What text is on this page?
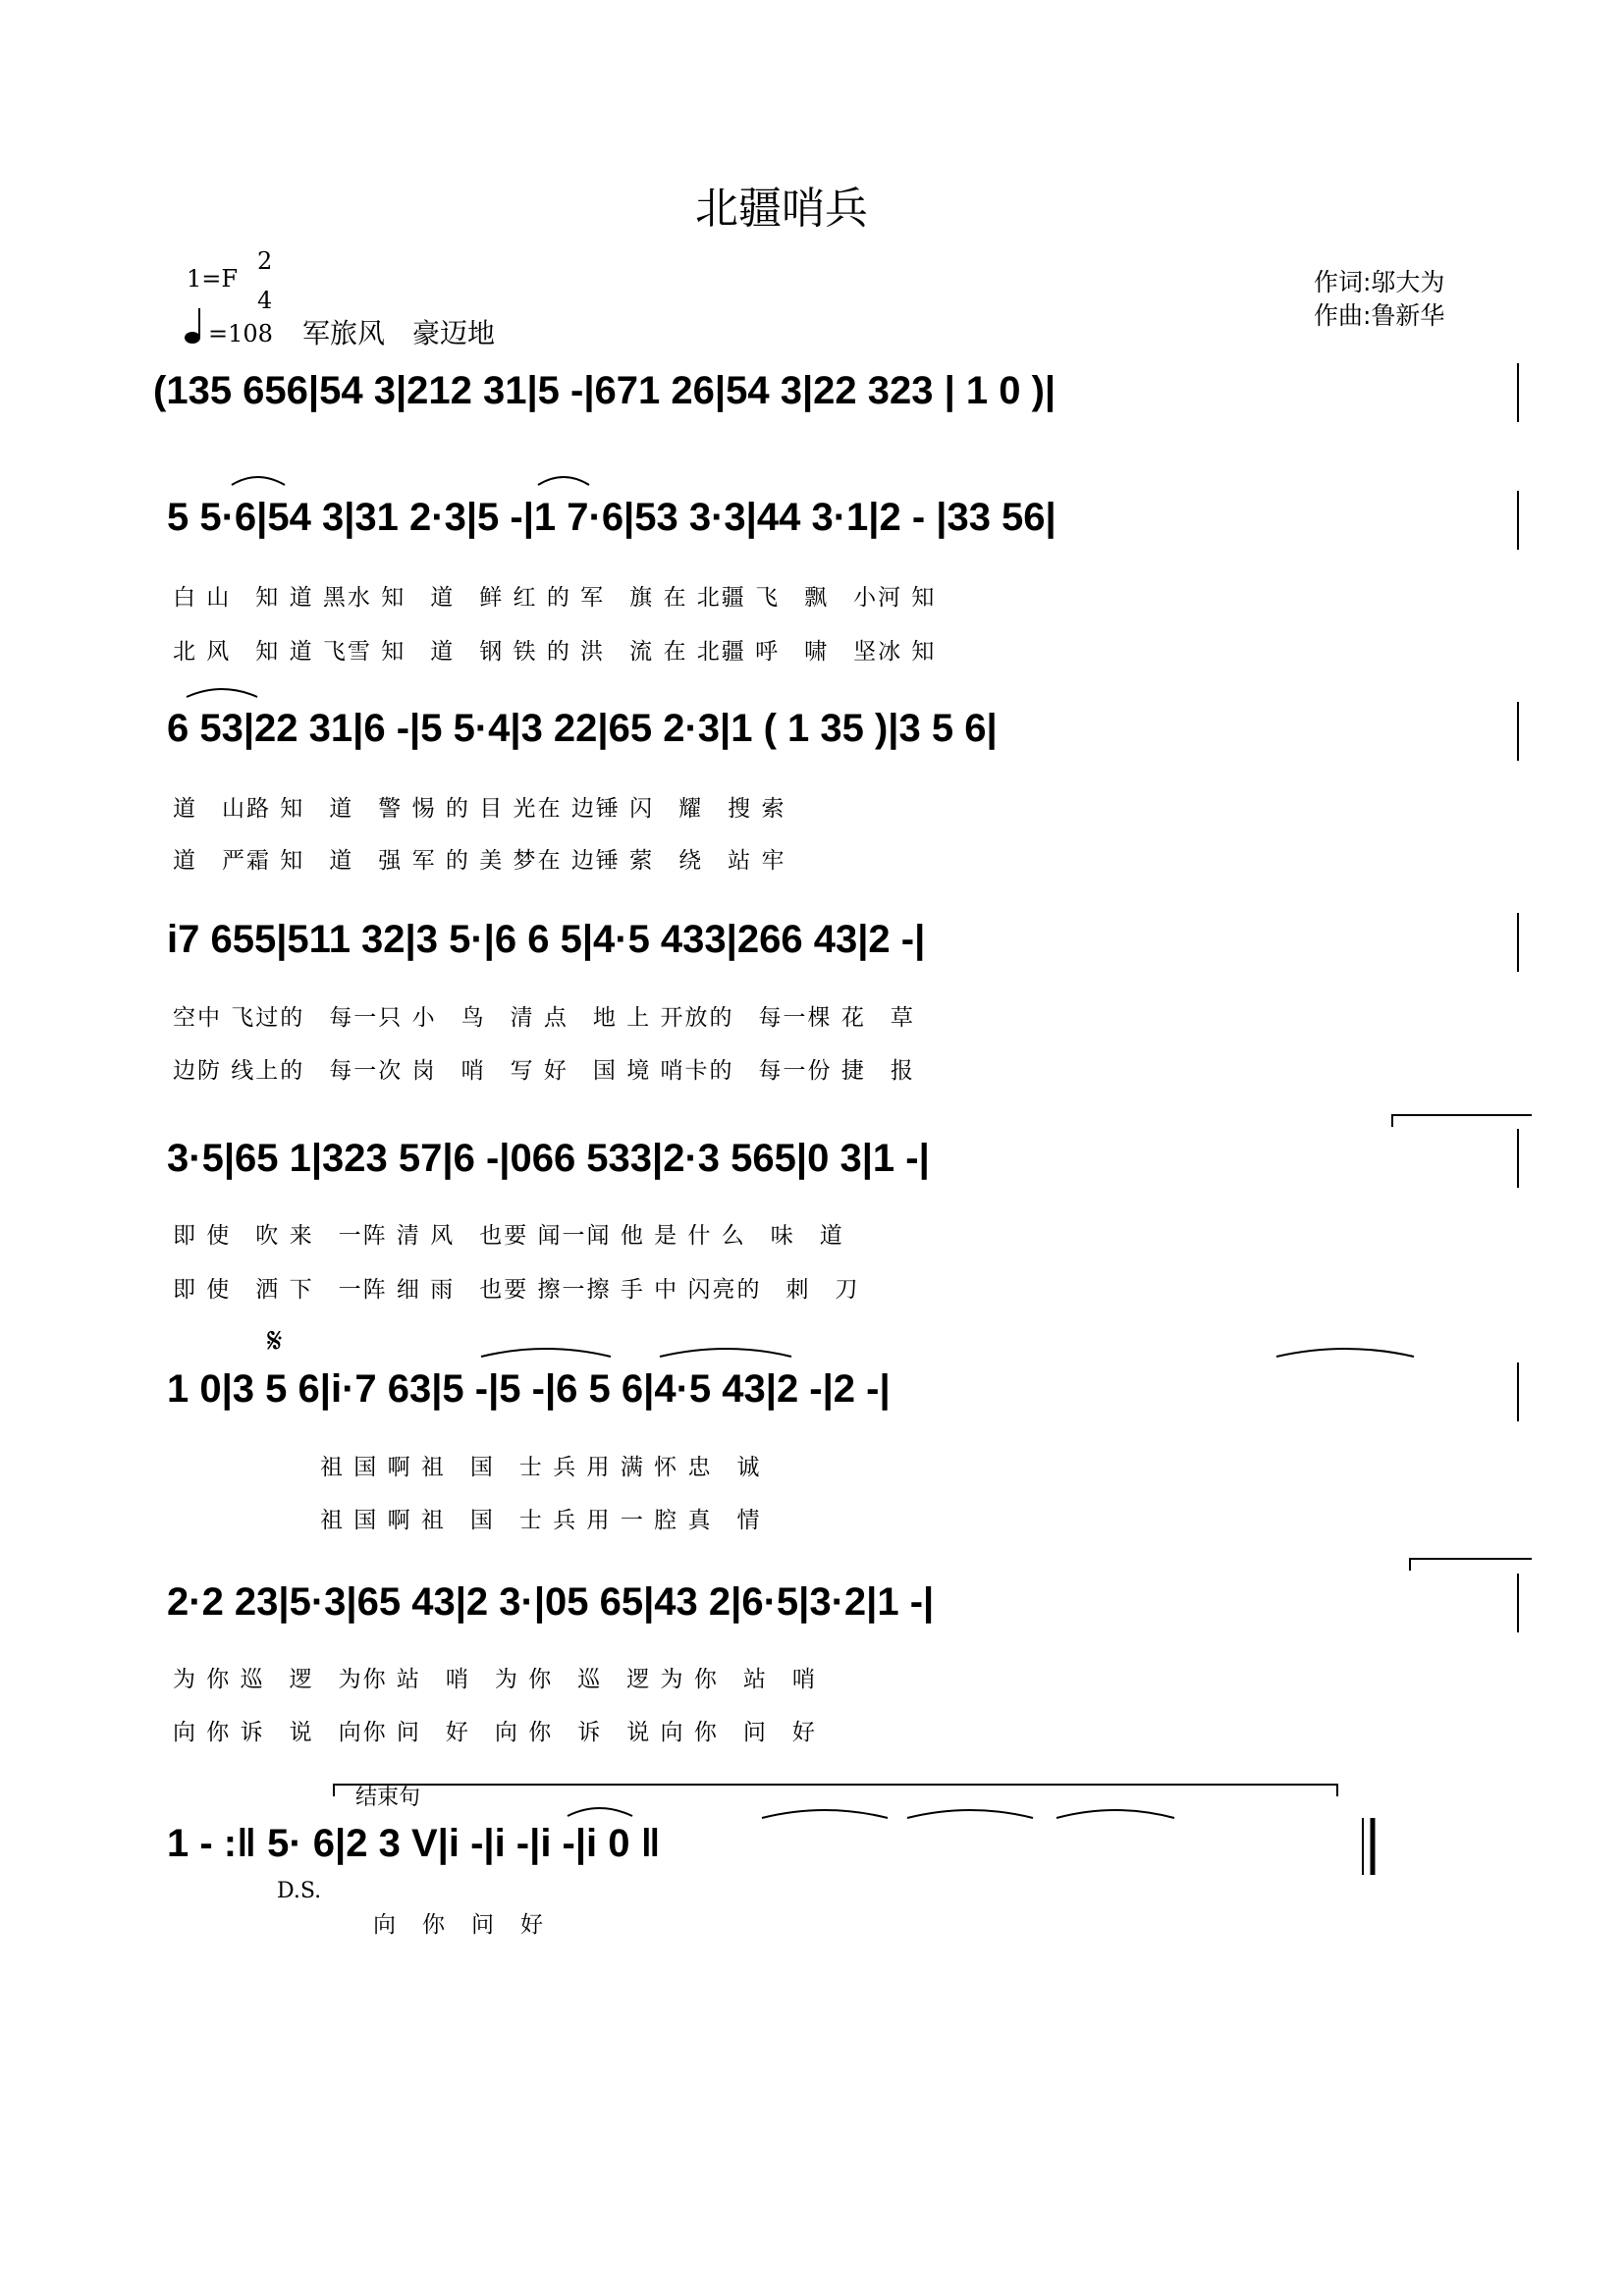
北疆哨兵
1=F
2
4
=108 军旅风　豪迈地
作词:邬大为
作曲:鲁新华
(135 656|54 3|212 31|5 -|671 26|54 3|22 323 | 1 0 )|
5 5·6|54 3|31 2·3|5 -|1 7·6|53 3·3|44 3·1|2 - |33 56|
白 山　知 道 黑水 知　道　鲜 红 的 军　旗 在 北疆 飞　飘　小河 知
北 风　知 道 飞雪 知　道　钢 铁 的 洪　流 在 北疆 呼　啸　坚冰 知
6 53|22 31|6 -|5 5·4|3 22|65 2·3|1 ( 1 35 )|3 5 6|
道　山路 知　道　警 惕 的 目 光在 边锤 闪　耀　搜 索
道　严霜 知　道　强 军 的 美 梦在 边锤 萦　绕　站 牢
i7 655|511 32|3 5·|6 6 5|4·5 433|266 43|2 -|
空中 飞过的　每一只 小　鸟　清 点　地 上 开放的　每一棵 花　草
边防 线上的　每一次 岗　哨　写 好　国 境 哨卡的　每一份 捷　报
3·5|65 1|323 57|6 -|066 533|2·3 565|0 3|1 -|
即 使　吹 来　一阵 清 风　也要 闻一闻 他 是 什 么　味　道
即 使　洒 下　一阵 细 雨　也要 擦一擦 手 中 闪亮的　刺　刀
1 0|3 5 6|i·7 63|5 -|5 -|6 5 6|4·5 43|2 -|2 -|
祖 国 啊 祖　国　士 兵 用 满 怀 忠　诚
祖 国 啊 祖　国　士 兵 用 一 腔 真　情
2·2 23|5·3|65 43|2 3·|05 65|43 2|6·5|3·2|1 -|
为 你 巡　逻　为你 站　哨　为 你　巡　逻 为 你　站　哨
向 你 诉　说　向你 问　好　向 你　诉　说 向 你　问　好
结束句
1 - :‖ 5· 6|2 3 V|i -|i -|i -|i 0 ‖
D.S.
向　你　问　好
𝄋
